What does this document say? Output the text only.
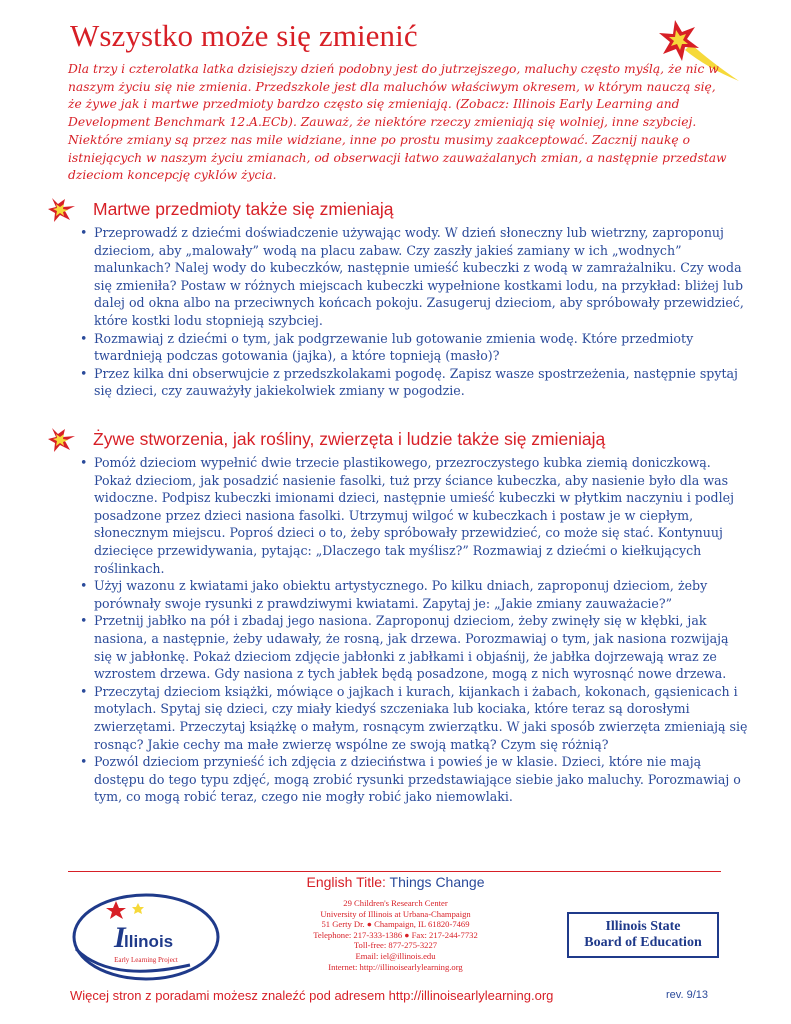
Wszystko może się zmienić

Dla trzy i czterolatka latka dzisiejszy dzień podobny jest do jutrzejszego, maluchy często myślą, że nic w naszym życiu się nie zmienia. Przedszkole jest dla maluchów właściwym okresem, w którym nauczą się, że żywe jak i martwe przedmioty bardzo często się zmieniają. (Zobacz: Illinois Early Learning and Development Benchmark 12.A.ECb). Zauważ, że niektóre rzeczy zmieniają się wolniej, inne szybciej. Niektóre zmiany są przez nas mile widziane, inne po prostu musimy zaakceptować. Zacznij naukę o istniejących w naszym życiu zmianach, od obserwacji łatwo zauważalanych zmian, a następnie przedstaw dzieciom koncepcję cyklów życia.

Martwe przedmioty także się zmieniają
• Przeprowadź z dziećmi doświadczenie używając wody. W dzień słoneczny lub wietrzny, zaproponuj dzieciom, aby „malowały” wodą na placu zabaw. Czy zaszły jakieś zamiany w ich „wodnych” malunkach? Nalej wody do kubeczków, następnie umieść kubeczki z wodą w zamrażalniku. Czy woda się zmieniła? Postaw w różnych miejscach kubeczki wypełnione kostkami lodu, na przykład: bliżej lub dalej od okna albo na przeciwnych końcach pokoju. Zasugeruj dzieciom, aby spróbowały przewidzieć, które kostki lodu stopnieją szybciej.
• Rozmawiaj z dziećmi o tym, jak podgrzewanie lub gotowanie zmienia wodę. Które przedmioty twardnieją podczas gotowania (jajka), a które topnieją (masło)?
• Przez kilka dni obserwujcie z przedszkolakami pogodę. Zapisz wasze spostrzeżenia, następnie spytaj się dzieci, czy zauważyły jakiekolwiek zmiany w pogodzie.
Żywe stworzenia, jak rośliny, zwierzęta i ludzie także się zmieniają
• Pomóż dzieciom wypełnić dwie trzecie plastikowego, przezroczystego kubka ziemią doniczkową. Pokaż dzieciom, jak posadzić nasienie fasolki, tuż przy ściance kubeczka, aby nasienie było dla was widoczne. Podpisz kubeczki imionami dzieci, następnie umieść kubeczki w płytkim naczyniu i podlej posadzone przez dzieci nasiona fasolki. Utrzymuj wilgoć w kubeczkach i postaw je w ciepłym, słonecznym miejscu. Poproś dzieci o to, żeby spróbowały przewidzieć, co może się stać. Kontynuuj dziecięce przewidywania, pytając: „Dlaczego tak myślisz?” Rozmawiaj z dziećmi o kiełkujących roślinkach.
• Użyj wazonu z kwiatami jako obiektu artystycznego. Po kilku dniach, zaproponuj dzieciom, żeby porównały swoje rysunki z prawdziwymi kwiatami. Zapytaj je: „Jakie zmiany zauważacie?”
• Przetnij jabłko na pół i zbadaj jego nasiona. Zaproponuj dzieciom, żeby zwinęły się w kłębki, jak nasiona, a następnie, żeby udawały, że rosną, jak drzewa. Porozmawiaj o tym, jak nasiona rozwijają się w jabłonkę. Pokaż dzieciom zdjęcie jabłonki z jabłkami i objaśnij, że jabłka dojrzewają wraz ze wzrostem drzewa. Gdy nasiona z tych jabłek będą posadzone, mogą z nich wyrosnąć nowe drzewa.
• Przeczytaj dzieciom książki, mówiące o jajkach i kurach, kijankach i żabach, kokonach, gąsienicach i motylach. Spytaj się dzieci, czy miały kiedyś szczeniaka lub kociaka, które teraz są dorosłymi zwierzętami. Przeczytaj książkę o małym, rosnącym zwierzątku. W jaki sposób zwierzęta zmieniają się rosnąc? Jakie cechy ma małe zwierzę wspólne ze swoją matką? Czym się różnią?
• Pozwól dzieciom przynieść ich zdjęcia z dzieciństwa i powieś je w klasie. Dzieci, które nie mają dostępu do tego typu zdjęć, mogą zrobić rysunki przedstawiające siebie jako maluchy. Porozmawiaj o tym, co mogą robić teraz, czego nie mogły robić jako niemowlaki.
English Title: Things Change
I
llinois
Early Learning Project
29 Children's Research Center
University of Illinois at Urbana-Champaign
51 Gerty Dr. ● Champaign, IL 61820-7469
Telephone: 217-333-1386 ● Fax: 217-244-7732
Toll-free: 877-275-3227
Email: iel@illinois.edu
Internet: http://illinoisearlylearning.org
Illinois State
Board of Education
Więcej stron z poradami możesz znaleźć pod adresem http://illinoisearlylearning.org	rev. 9/13
